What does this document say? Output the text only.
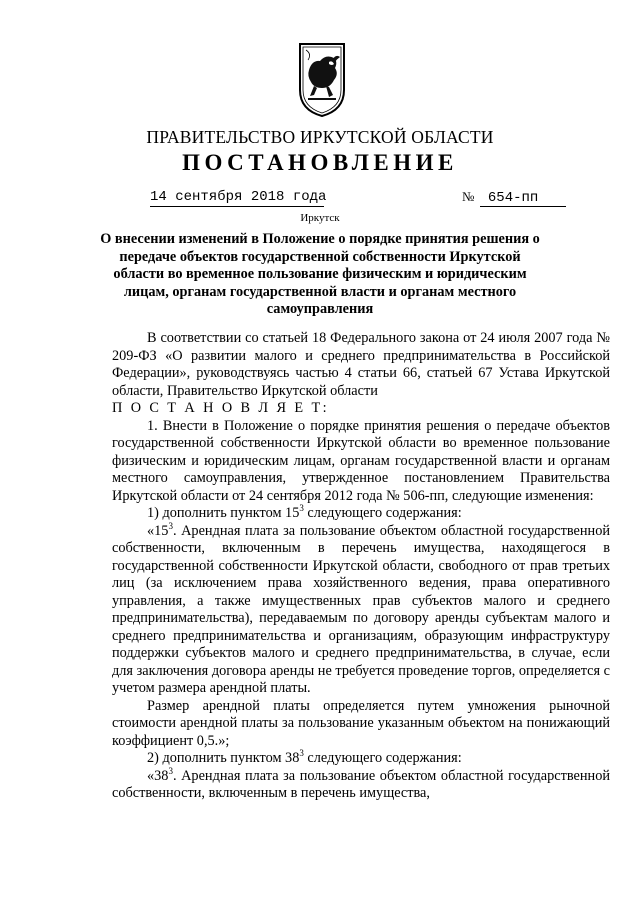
ПРАВИТЕЛЬСТВО ИРКУТСКОЙ ОБЛАСТИ
ПОСТАНОВЛЕНИЕ
14 сентября 2018 года	№ 654-пп
Иркутск
О внесении изменений в Положение о порядке принятия решения о передаче объектов государственной собственности Иркутской области во временное пользование физическим и юридическим лицам, органам государственной власти и органам местного самоуправления

В соответствии со статьей 18 Федерального закона от 24 июля 2007 года № 209-ФЗ «О развитии малого и среднего предпринимательства в Российской Федерации», руководствуясь частью 4 статьи 66, статьей 67 Устава Иркутской области, Правительство Иркутской области

П О С Т А Н О В Л Я Е Т:

1. Внести в Положение о порядке принятия решения о передаче объектов государственной собственности Иркутской области во временное пользование физическим и юридическим лицам, органам государственной власти и органам местного самоуправления, утвержденное постановлением Правительства Иркутской области от 24 сентября 2012 года № 506-пп, следующие изменения:

1) дополнить пунктом $15^3$ следующего содержания:

«$15^3$. Арендная плата за пользование объектом областной государственной собственности, включенным в перечень имущества, находящегося в государственной собственности Иркутской области, свободного от прав третьих лиц (за исключением права хозяйственного ведения, права оперативного управления, а также имущественных прав субъектов малого и среднего предпринимательства), передаваемым по договору аренды субъектам малого и среднего предпринимательства и организациям, образующим инфраструктуру поддержки субъектов малого и среднего предпринимательства, в случае, если для заключения договора аренды не требуется проведение торгов, определяется с учетом размера арендной платы.

Размер арендной платы определяется путем умножения рыночной стоимости арендной платы за пользование указанным объектом на понижающий коэффициент 0,5.»;

2) дополнить пунктом $38^3$ следующего содержания:

«$38^3$. Арендная плата за пользование объектом областной государственной собственности, включенным в перечень имущества,
